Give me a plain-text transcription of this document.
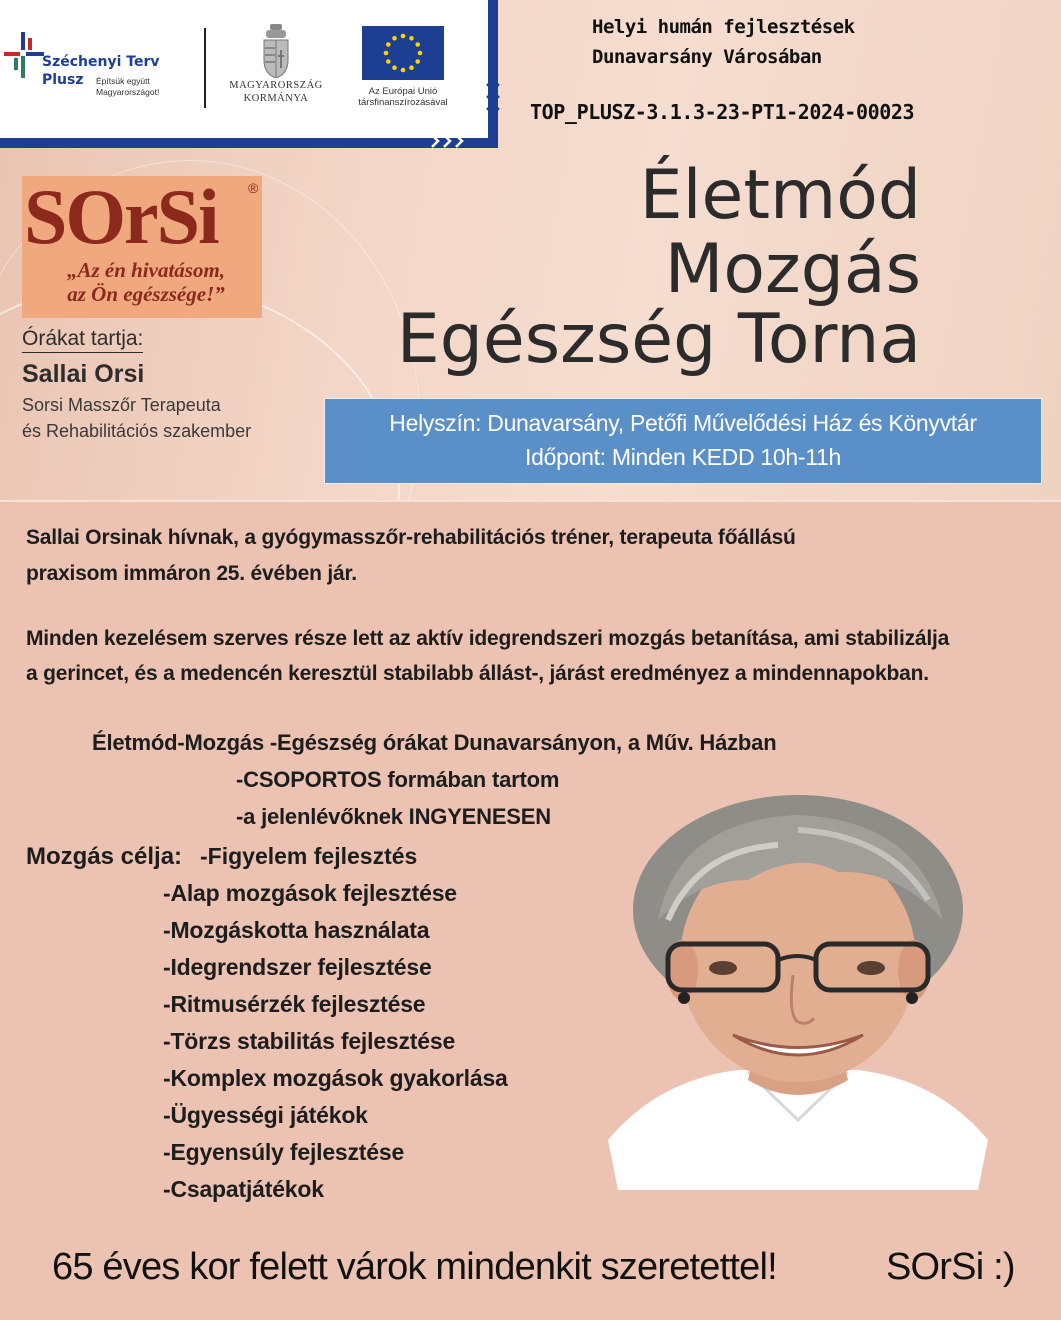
Széchenyi Terv
Plusz Építsük együtt Magyarországot!
MAGYARORSZÁG
KORMÁNYA
Az Európai Unió
társfinanszírozásával
Helyi humán fejlesztések
Dunavarsány Városában
TOP_PLUSZ-3.1.3-23-PT1-2024-00023
Életmód
Mozgás
Egészség Torna
SOrSi ®
„Az én hivatásom,
az Ön egészsége!”
Órákat tartja:
Sallai Orsi
Sorsi Masszőr Terapeuta
és Rehabilitációs szakember	Helyszín: Dunavarsány, Petőfi Művelődési Ház és Könyvtár
Időpont: Minden KEDD 10h-11h
Sallai Orsinak hívnak, a gyógymasszőr-rehabilitációs tréner, terapeuta főállású
praxisom immáron 25. évében jár.
Minden kezelésem szerves része lett az aktív idegrendszeri mozgás betanítása, ami stabilizálja
a gerincet, és a medencén keresztül stabilabb állást-, járást eredményez a mindennapokban.
Életmód-Mozgás -Egészség órákat Dunavarsányon, a Műv. Házban
-CSOPORTOS formában tartom
-a jelenlévőknek INGYENESEN
Mozgás célja: -Figyelem fejlesztés
-Alap mozgások fejlesztése
-Mozgáskotta használata
-Idegrendszer fejlesztése
-Ritmusérzék fejlesztése
-Törzs stabilitás fejlesztése
-Komplex mozgások gyakorlása
-Ügyességi játékok
-Egyensúly fejlesztése
-Csapatjátékok
65 éves kor felett várok mindenkit szeretettel!	SOrSi :)
